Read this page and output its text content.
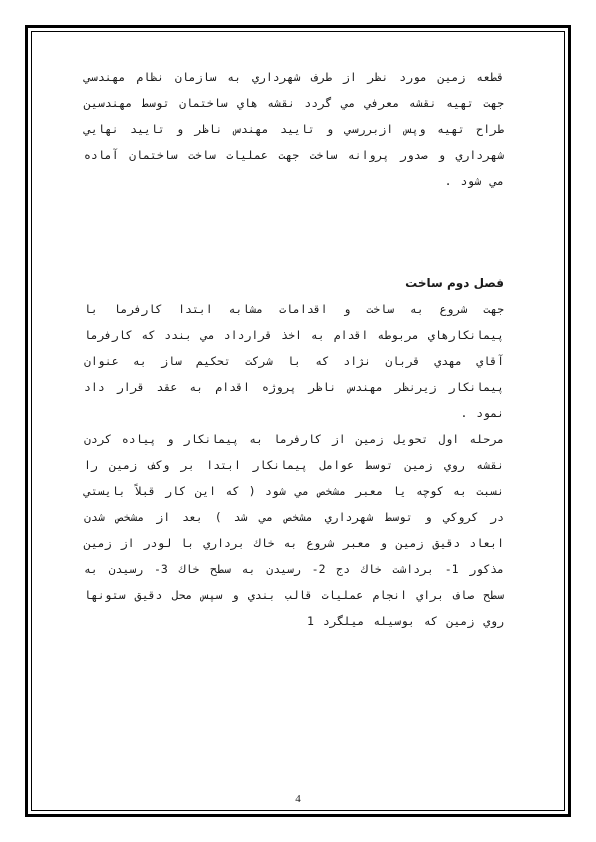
قطعه زمين مورد نظر از طرف شهرداري به سازمان نظام مهندسي جهت تهيه نقشه معرفي مي گردد نقشه هاي ساختمان توسط مهندسين طراح تهيه وپس ازبررسي و تاييد مهندس ناظر و تاييد نهايي شهرداري و صدور پروانه ساخت جهت عمليات ساخت ساختمان آماده مي شود .

فصل دوم ساخت

جهت شروع به ساخت و اقدامات مشابه ابتدا كارفرما با پيمانكارهاي مربوطه اقدام به اخذ قرارداد مي بندد كه كارفرما آقاي مهدي قربان نژاد كه با شركت تحكيم ساز به عنوان پيمانكار زيرنظر مهندس ناظر پروژه اقدام به عقد قرار داد نمود .

مرحله اول تحويل زمين از كارفرما به پيمانكار و پياده كردن نقشه روي زمين توسط عوامل پيمانكار ابتدا بر وكف زمين را نسبت به كوچه يا معبر مشخص مي شود ( كه اين كار قبلاً بايستي در كروكي و توسط شهرداري مشخص مي شد ) بعد از مشخص شدن ابعاد دقيق زمين و معبر شروع به خاك برداري با لودر از زمين مذكور 1- برداشت خاك دج 2- رسيدن به سطح خاك 3- رسيدن به سطح صاف براي انجام عمليات قالب بندي و سپس محل دقيق ستونها روي زمين كه بوسيله ميلگرد 1

4
